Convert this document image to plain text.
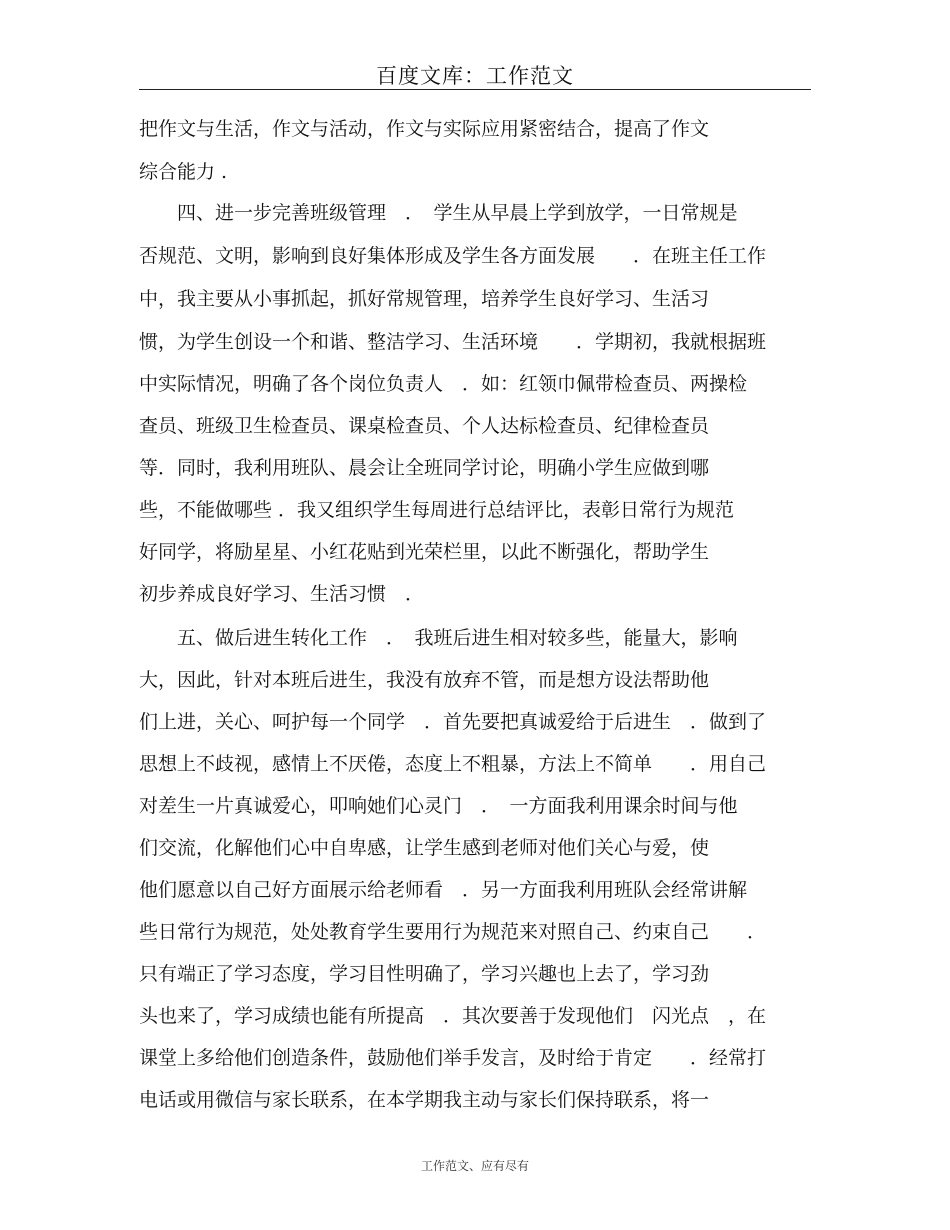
百度文库：工作范文
把作文与生活，作文与活动，作文与实际应用紧密结合，提高了作文
综合能力 .
　　四、进一步完善班级管理　．　学生从早晨上学到放学，一日常规是
否规范、文明，影响到良好集体形成及学生各方面发展　　．在班主任工作
中，我主要从小事抓起，抓好常规管理，培养学生良好学习、生活习
惯，为学生创设一个和谐、整洁学习、生活环境　　．学期初，我就根据班
中实际情况，明确了各个岗位负责人　．如：红领巾佩带检查员、两操检
查员、班级卫生检查员、课桌检查员、个人达标检查员、纪律检查员
等．同时，我利用班队、晨会让全班同学讨论，明确小学生应做到哪
些，不能做哪些 ．我又组织学生每周进行总结评比，表彰日常行为规范
好同学，将励星星、小红花贴到光荣栏里，以此不断强化，帮助学生
初步养成良好学习、生活习惯　．
　　五、做后进生转化工作　．　我班后进生相对较多些，能量大，影响
大，因此，针对本班后进生，我没有放弃不管，而是想方设法帮助他
们上进，关心、呵护每一个同学　．首先要把真诚爱给于后进生　．做到了
思想上不歧视，感情上不厌倦，态度上不粗暴，方法上不简单　　．用自己
对差生一片真诚爱心，叩响她们心灵门　．　一方面我利用课余时间与他
们交流，化解他们心中自卑感，让学生感到老师对他们关心与爱，使
他们愿意以自己好方面展示给老师看　．另一方面我利用班队会经常讲解
些日常行为规范，处处教育学生要用行为规范来对照自己、约束自己　　．
只有端正了学习态度，学习目性明确了，学习兴趣也上去了，学习劲
头也来了，学习成绩也能有所提高　．其次要善于发现他们　闪光点　，在
课堂上多给他们创造条件，鼓励他们举手发言，及时给于肯定　　．经常打
电话或用微信与家长联系，在本学期我主动与家长们保持联系，将一
工作范文、应有尽有
